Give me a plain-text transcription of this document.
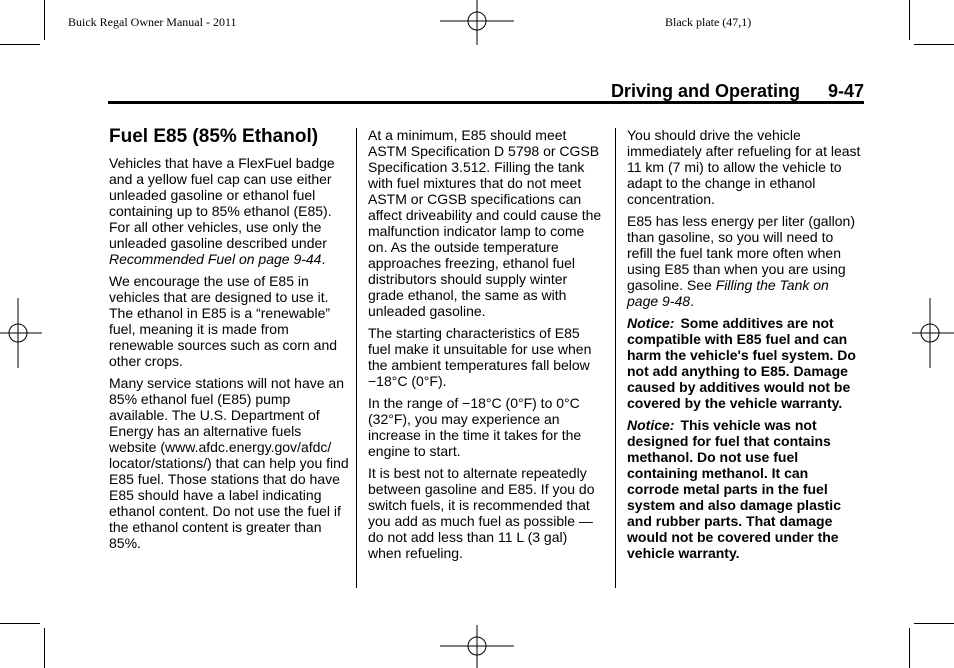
Buick Regal Owner Manual - 2011	Black plate (47,1)
Driving and Operating 9-47
Fuel E85 (85% Ethanol)

Vehicles that have a FlexFuel badge and a yellow fuel cap can use either unleaded gasoline or ethanol fuel containing up to 85% ethanol (E85). For all other vehicles, use only the unleaded gasoline described under Recommended Fuel on page 9-44.

We encourage the use of E85 in vehicles that are designed to use it. The ethanol in E85 is a “renewable” fuel, meaning it is made from renewable sources such as corn and other crops.

Many service stations will not have an 85% ethanol fuel (E85) pump available. The U.S. Department of Energy has an alternative fuels website (www.afdc.energy.gov/afdc/ locator/stations/) that can help you find E85 fuel. Those stations that do have E85 should have a label indicating ethanol content. Do not use the fuel if the ethanol content is greater than 85%.

At a minimum, E85 should meet ASTM Specification D 5798 or CGSB Specification 3.512. Filling the tank with fuel mixtures that do not meet ASTM or CGSB specifications can affect driveability and could cause the malfunction indicator lamp to come on. As the outside temperature approaches freezing, ethanol fuel distributors should supply winter grade ethanol, the same as with unleaded gasoline.

The starting characteristics of E85 fuel make it unsuitable for use when the ambient temperatures fall below −18°C (0°F).

In the range of −18°C (0°F) to 0°C (32°F), you may experience an increase in the time it takes for the engine to start.

It is best not to alternate repeatedly between gasoline and E85. If you do switch fuels, it is recommended that you add as much fuel as possible — do not add less than 11 L (3 gal) when refueling.

You should drive the vehicle immediately after refueling for at least 11 km (7 mi) to allow the vehicle to adapt to the change in ethanol concentration.

E85 has less energy per liter (gallon) than gasoline, so you will need to refill the fuel tank more often when using E85 than when you are using gasoline. See Filling the Tank on page 9-48.

Notice: Some additives are not compatible with E85 fuel and can harm the vehicle's fuel system. Do not add anything to E85. Damage caused by additives would not be covered by the vehicle warranty.

Notice: This vehicle was not designed for fuel that contains methanol. Do not use fuel containing methanol. It can corrode metal parts in the fuel system and also damage plastic and rubber parts. That damage would not be covered under the vehicle warranty.
